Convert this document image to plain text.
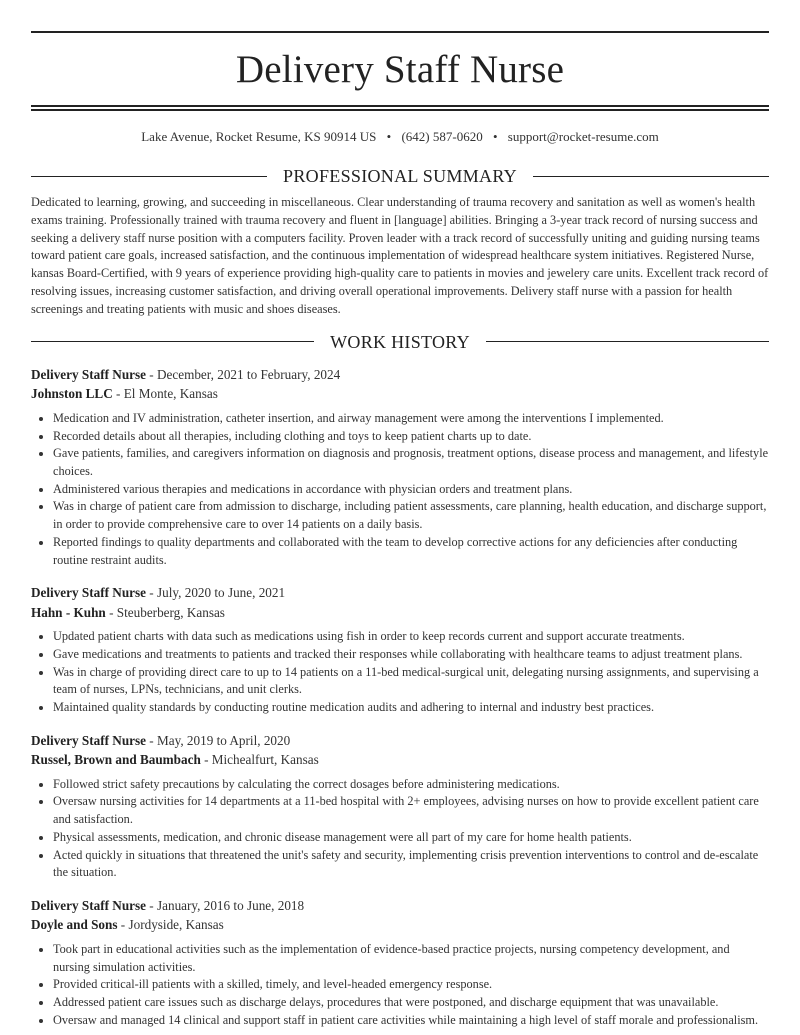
Delivery Staff Nurse
Lake Avenue, Rocket Resume, KS 90914 US • (642) 587-0620 • support@rocket-resume.com
PROFESSIONAL SUMMARY

Dedicated to learning, growing, and succeeding in miscellaneous. Clear understanding of trauma recovery and sanitation as well as women's health exams training. Professionally trained with trauma recovery and fluent in [language] abilities. Bringing a 3-year track record of nursing success and seeking a delivery staff nurse position with a computers facility. Proven leader with a track record of successfully uniting and guiding nursing teams toward patient care goals, increased satisfaction, and the continuous implementation of widespread healthcare system initiatives. Registered Nurse, kansas Board-Certified, with 9 years of experience providing high-quality care to patients in movies and jewelery care units. Excellent track record of resolving issues, increasing customer satisfaction, and driving overall operational improvements. Delivery staff nurse with a passion for health screenings and treating patients with music and shoes diseases.

WORK HISTORY
Delivery Staff Nurse - December, 2021 to February, 2024
Johnston LLC - El Monte, Kansas
• Medication and IV administration, catheter insertion, and airway management were among the interventions I implemented.
• Recorded details about all therapies, including clothing and toys to keep patient charts up to date.
• Gave patients, families, and caregivers information on diagnosis and prognosis, treatment options, disease process and management, and lifestyle choices.
• Administered various therapies and medications in accordance with physician orders and treatment plans.
• Was in charge of patient care from admission to discharge, including patient assessments, care planning, health education, and discharge support, in order to provide comprehensive care to over 14 patients on a daily basis.
• Reported findings to quality departments and collaborated with the team to develop corrective actions for any deficiencies after conducting routine restraint audits.
Delivery Staff Nurse - July, 2020 to June, 2021
Hahn - Kuhn - Steuberberg, Kansas
• Updated patient charts with data such as medications using fish in order to keep records current and support accurate treatments.
• Gave medications and treatments to patients and tracked their responses while collaborating with healthcare teams to adjust treatment plans.
• Was in charge of providing direct care to up to 14 patients on a 11-bed medical-surgical unit, delegating nursing assignments, and supervising a team of nurses, LPNs, technicians, and unit clerks.
• Maintained quality standards by conducting routine medication audits and adhering to internal and industry best practices.
Delivery Staff Nurse - May, 2019 to April, 2020
Russel, Brown and Baumbach - Michealfurt, Kansas
• Followed strict safety precautions by calculating the correct dosages before administering medications.
• Oversaw nursing activities for 14 departments at a 11-bed hospital with 2+ employees, advising nurses on how to provide excellent patient care and satisfaction.
• Physical assessments, medication, and chronic disease management were all part of my care for home health patients.
• Acted quickly in situations that threatened the unit's safety and security, implementing crisis prevention interventions to control and de-escalate the situation.
Delivery Staff Nurse - January, 2016 to June, 2018
Doyle and Sons - Jordyside, Kansas
• Took part in educational activities such as the implementation of evidence-based practice projects, nursing competency development, and nursing simulation activities.
• Provided critical-ill patients with a skilled, timely, and level-headed emergency response.
• Addressed patient care issues such as discharge delays, procedures that were postponed, and discharge equipment that was unavailable.
• Oversaw and managed 14 clinical and support staff in patient care activities while maintaining a high level of staff morale and professionalism.
